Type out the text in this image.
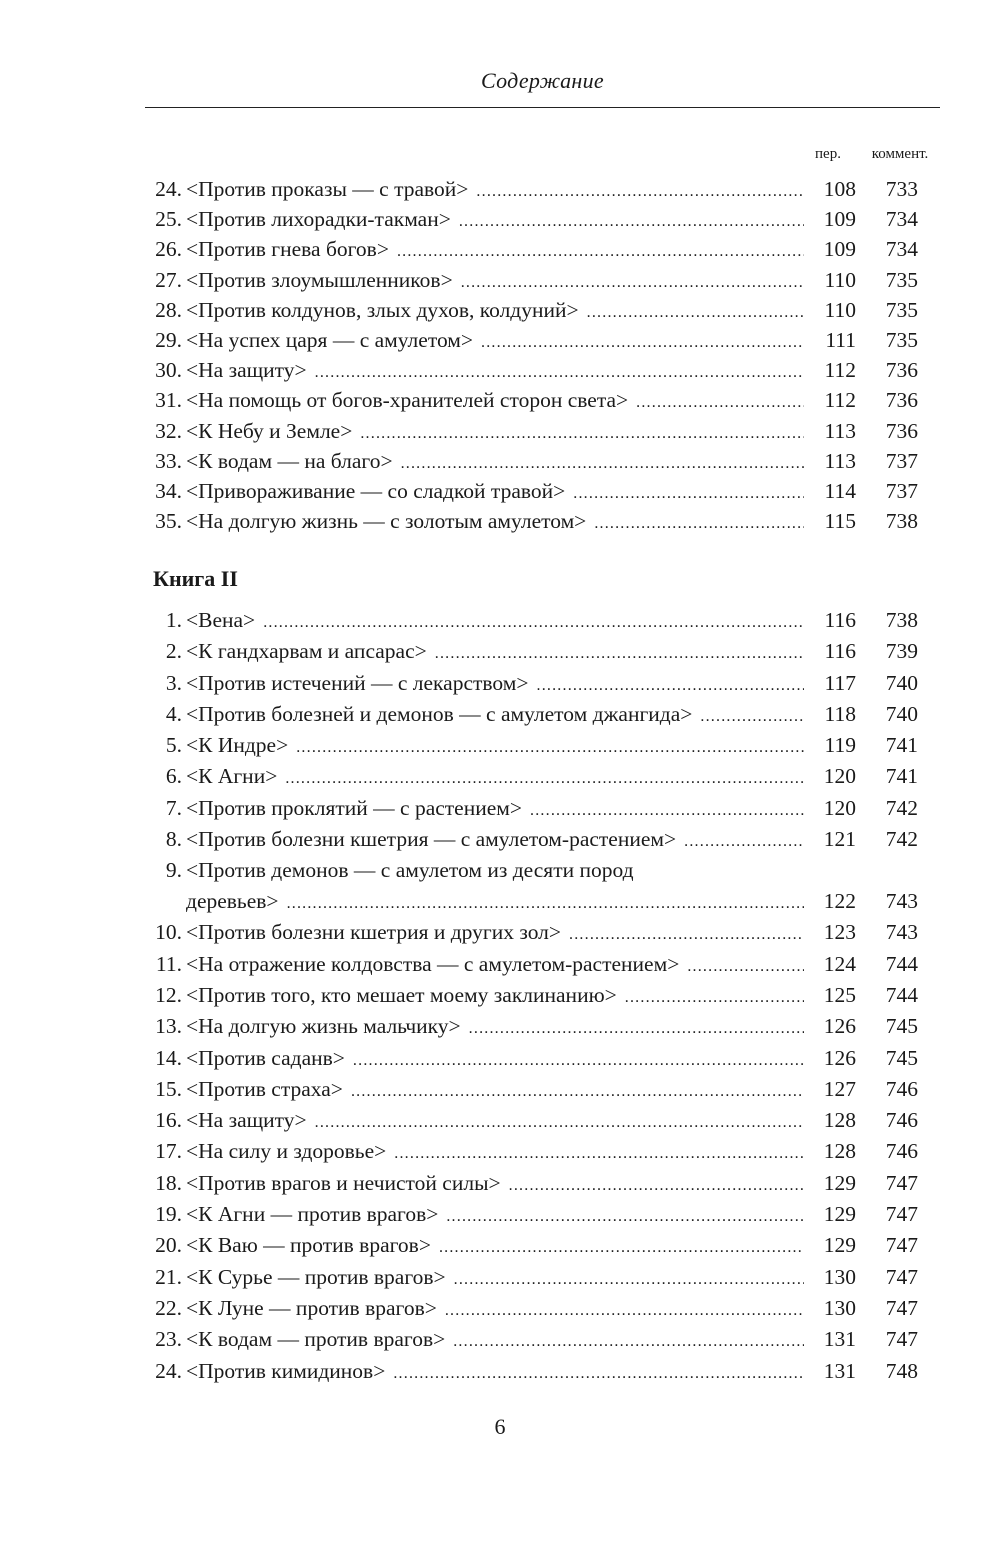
Содержание
пер.	коммент.
24. <Против проказы — с травой> .....	108	733
25. <Против лихорадки-такман> .....	109	734
26. <Против гнева богов> .....	109	734
27. <Против злоумышленников> .....	110	735
28. <Против колдунов, злых духов, колдуний> .....	110	735
29. <На успех царя — с амулетом> .....	111	735
30. <На защиту> .....	112	736
31. <На помощь от богов-хранителей сторон света> .....	112	736
32. <К Небу и Земле> .....	113	736
33. <К водам — на благо> .....	113	737
34. <Привораживание — со сладкой травой> .....	114	737
35. <На долгую жизнь — с золотым амулетом> .....	115	738
Книга II
1. <Вена> .....	116	738
2. <К гандхарвам и апсарас> .....	116	739
3. <Против истечений — с лекарством> .....	117	740
4. <Против болезней и демонов — с амулетом джангида> .....	118	740
5. <К Индре> .....	119	741
6. <К Агни> .....	120	741
7. <Против проклятий — с растением> .....	120	742
8. <Против болезни кшетрия — с амулетом-растением> .....	121	742
9. <Против демонов — с амулетом из десяти пород
деревьев> .....	122	743
10. <Против болезни кшетрия и других зол> .....	123	743
11. <На отражение колдовства — с амулетом-растением> .....	124	744
12. <Против того, кто мешает моему заклинанию> .....	125	744
13. <На долгую жизнь мальчику> .....	126	745
14. <Против саданв> .....	126	745
15. <Против страха> .....	127	746
16. <На защиту> .....	128	746
17. <На силу и здоровье> .....	128	746
18. <Против врагов и нечистой силы> .....	129	747
19. <К Агни — против врагов> .....	129	747
20. <К Ваю — против врагов> .....	129	747
21. <К Сурье — против врагов> .....	130	747
22. <К Луне — против врагов> .....	130	747
23. <К водам — против врагов> .....	131	747
24. <Против кимидинов> .....	131	748
6
